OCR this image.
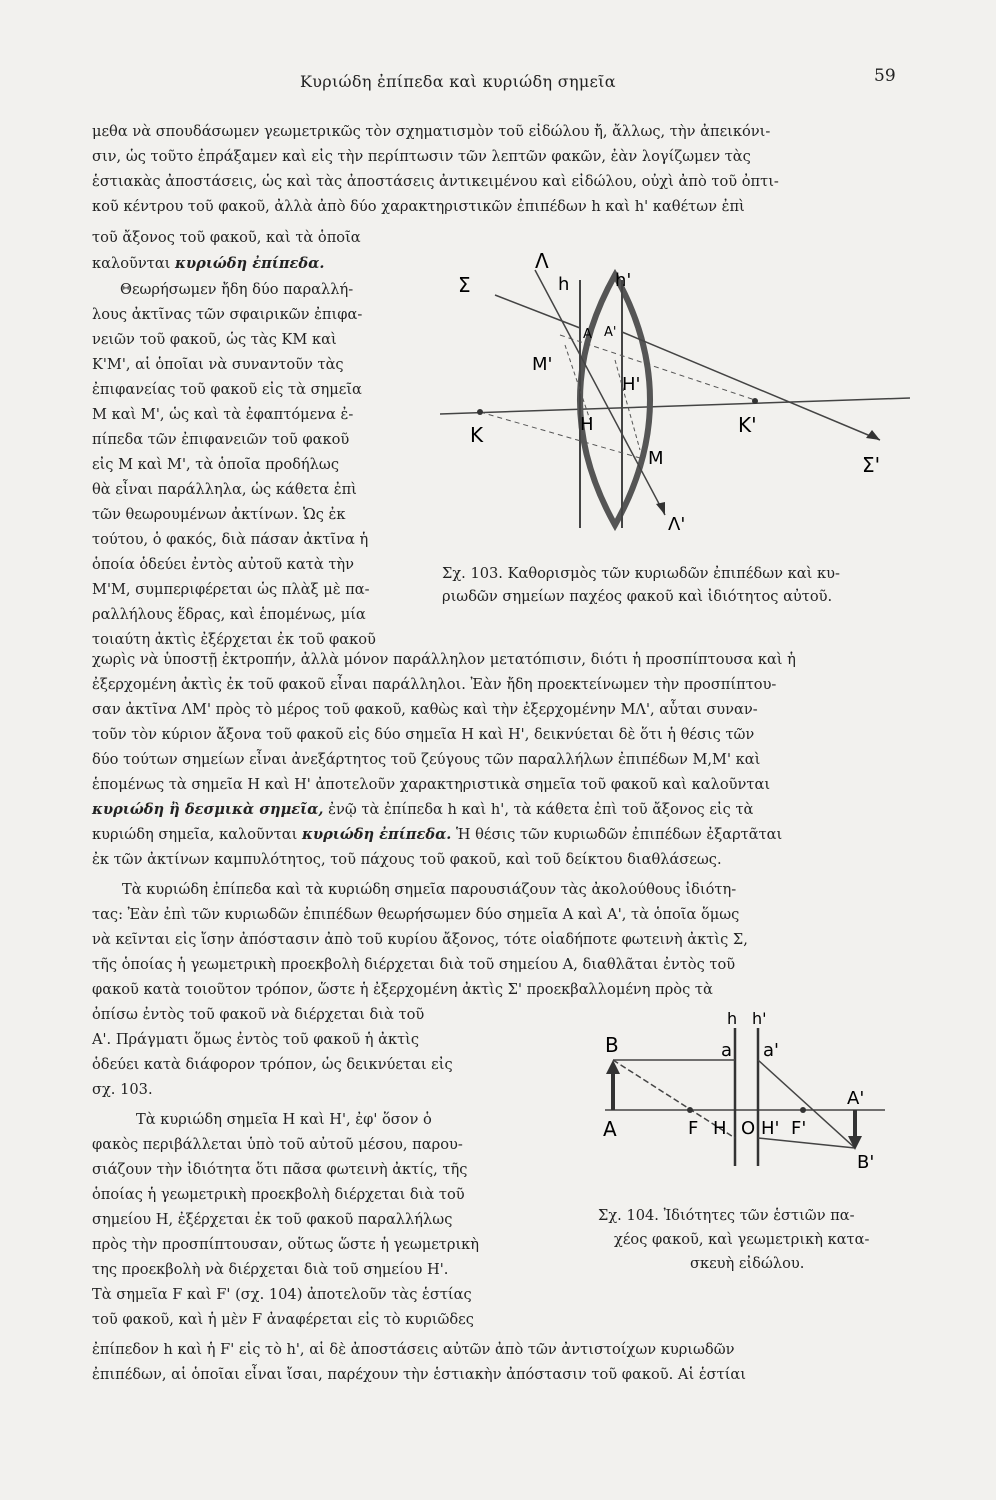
Κυριώδη ἐπίπεδα καὶ κυριώδη σημεῖα	59
μεθα νὰ σπουδάσωμεν γεωμετρικῶς τὸν σχηματισμὸν τοῦ εἰδώλου ἤ, ἄλλως, τὴν ἀπεικόνι-
σιν, ὡς τοῦτο ἐπράξαμεν καὶ εἰς τὴν περίπτωσιν τῶν λεπτῶν φακῶν, ἐὰν λογίζωμεν τὰς
ἑστιακὰς ἀποστάσεις, ὡς καὶ τὰς ἀποστάσεις ἀντικειμένου καὶ εἰδώλου, οὐχὶ ἀπὸ τοῦ ὀπτι-
κοῦ κέντρου τοῦ φακοῦ, ἀλλὰ ἀπὸ δύο χαρακτηριστικῶν ἐπιπέδων h καὶ h' καθέτων ἐπὶ
τοῦ ἄξονος τοῦ φακοῦ, καὶ τὰ ὁποῖα
καλοῦνται κυριώδη ἐπίπεδα.
Θεωρήσωμεν ἤδη δύο παραλλή-
λους ἀκτῖνας τῶν σφαιρικῶν ἐπιφα-
νειῶν τοῦ φακοῦ, ὡς τὰς ΚΜ καὶ
Κ'Μ', αἱ ὁποῖαι νὰ συναντοῦν τὰς
ἐπιφανείας τοῦ φακοῦ εἰς τὰ σημεῖα
Μ καὶ Μ', ὡς καὶ τὰ ἐφαπτόμενα ἐ-
πίπεδα τῶν ἐπιφανειῶν τοῦ φακοῦ
εἰς Μ καὶ Μ', τὰ ὁποῖα προδήλως
θὰ εἶναι παράλληλα, ὡς κάθετα ἐπὶ
τῶν θεωρουμένων ἀκτίνων. Ὡς ἐκ
τούτου, ὁ φακός, διὰ πάσαν ἀκτῖνα ἡ
ὁποία ὁδεύει ἐντὸς αὐτοῦ κατὰ τὴν
Μ'Μ, συμπεριφέρεται ὡς πλὰξ μὲ πα-
ραλλήλους ἕδρας, καὶ ἑπομένως, μία
τοιαύτη ἀκτὶς ἐξέρχεται ἐκ τοῦ φακοῦ
Σ
Λ
h	h'
A A'
M'
H'
H
K	K'
M	Σ'
Λ'
Σχ. 103. Καθορισμὸς τῶν κυριωδῶν ἐπιπέδων καὶ κυ-
ριωδῶν σημείων παχέος φακοῦ καὶ ἰδιότητος αὐτοῦ.
χωρὶς νὰ ὑποστῇ ἐκτροπήν, ἀλλὰ μόνον παράλληλον μετατόπισιν, διότι ἡ προσπίπτουσα καὶ ἡ
ἐξερχομένη ἀκτὶς ἐκ τοῦ φακοῦ εἶναι παράλληλοι. Ἐὰν ἤδη προεκτείνωμεν τὴν προσπίπτου-
σαν ἀκτῖνα ΛΜ' πρὸς τὸ μέρος τοῦ φακοῦ, καθὼς καὶ τὴν ἐξερχομένην ΜΛ', αὗται συναν-
τοῦν τὸν κύριον ἄξονα τοῦ φακοῦ εἰς δύο σημεῖα Η καὶ Η', δεικνύεται δὲ ὅτι ἡ θέσις τῶν
δύο τούτων σημείων εἶναι ἀνεξάρτητος τοῦ ζεύγους τῶν παραλλήλων ἐπιπέδων Μ,Μ' καὶ
ἑπομένως τὰ σημεῖα Η καὶ Η' ἀποτελοῦν χαρακτηριστικὰ σημεῖα τοῦ φακοῦ καὶ καλοῦνται
κυριώδη ἢ δεσμικὰ σημεῖα, ἐνῷ τὰ ἐπίπεδα h καὶ h', τὰ κάθετα ἐπὶ τοῦ ἄξονος εἰς τὰ
κυριώδη σημεῖα, καλοῦνται κυριώδη ἐπίπεδα. Ἡ θέσις τῶν κυριωδῶν ἐπιπέδων ἐξαρτᾶται
ἐκ τῶν ἀκτίνων καμπυλότητος, τοῦ πάχους τοῦ φακοῦ, καὶ τοῦ δείκτου διαθλάσεως.
Τὰ κυριώδη ἐπίπεδα καὶ τὰ κυριώδη σημεῖα παρουσιάζουν τὰς ἀκολούθους ἰδιότη-
τας: Ἐὰν ἐπὶ τῶν κυριωδῶν ἐπιπέδων θεωρήσωμεν δύο σημεῖα Α καὶ Α', τὰ ὁποῖα ὅμως
νὰ κεῖνται εἰς ἴσην ἀπόστασιν ἀπὸ τοῦ κυρίου ἄξονος, τότε οἱαδήποτε φωτεινὴ ἀκτὶς Σ,
τῆς ὁποίας ἡ γεωμετρικὴ προεκβολὴ διέρχεται διὰ τοῦ σημείου Α, διαθλᾶται ἐντὸς τοῦ
φακοῦ κατὰ τοιοῦτον τρόπον, ὥστε ἡ ἐξερχομένη ἀκτὶς Σ' προεκβαλλομένη πρὸς τὰ
ὀπίσω ἐντὸς τοῦ φακοῦ νὰ διέρχεται διὰ τοῦ
Α'. Πράγματι ὅμως ἐντὸς τοῦ φακοῦ ἡ ἀκτὶς
ὁδεύει κατὰ διάφορον τρόπον, ὡς δεικνύεται εἰς
σχ. 103.
Τὰ κυριώδη σημεῖα Η καὶ Η', ἐφ' ὅσον ὁ
φακὸς περιβάλλεται ὑπὸ τοῦ αὐτοῦ μέσου, παρου-
σιάζουν τὴν ἰδιότητα ὅτι πᾶσα φωτεινὴ ἀκτίς, τῆς
ὁποίας ἡ γεωμετρικὴ προεκβολὴ διέρχεται διὰ τοῦ
σημείου Η, ἐξέρχεται ἐκ τοῦ φακοῦ παραλλήλως
πρὸς τὴν προσπίπτουσαν, οὕτως ὥστε ἡ γεωμετρικὴ
της προεκβολὴ νὰ διέρχεται διὰ τοῦ σημείου Η'.
Τὰ σημεῖα F καὶ F' (σχ. 104) ἀποτελοῦν τὰς ἑστίας
τοῦ φακοῦ, καὶ ἡ μὲν F ἀναφέρεται εἰς τὸ κυριῶδες
ἐπίπεδον h καὶ ἡ F' εἰς τὸ h', αἱ δὲ ἀποστάσεις αὐτῶν ἀπὸ τῶν ἀντιστοίχων κυριωδῶν
ἐπιπέδων, αἱ ὁποῖαι εἶναι ἴσαι, παρέχουν τὴν ἑστιακὴν ἀπόστασιν τοῦ φακοῦ. Αἱ ἑστίαι
h h'
B	a a'
A	F H O H' F'
A'
B'
Σχ. 104. Ἰδιότητες τῶν ἑστιῶν πα-
χέος φακοῦ, καὶ γεωμετρικὴ κατα-
σκευὴ εἰδώλου.
